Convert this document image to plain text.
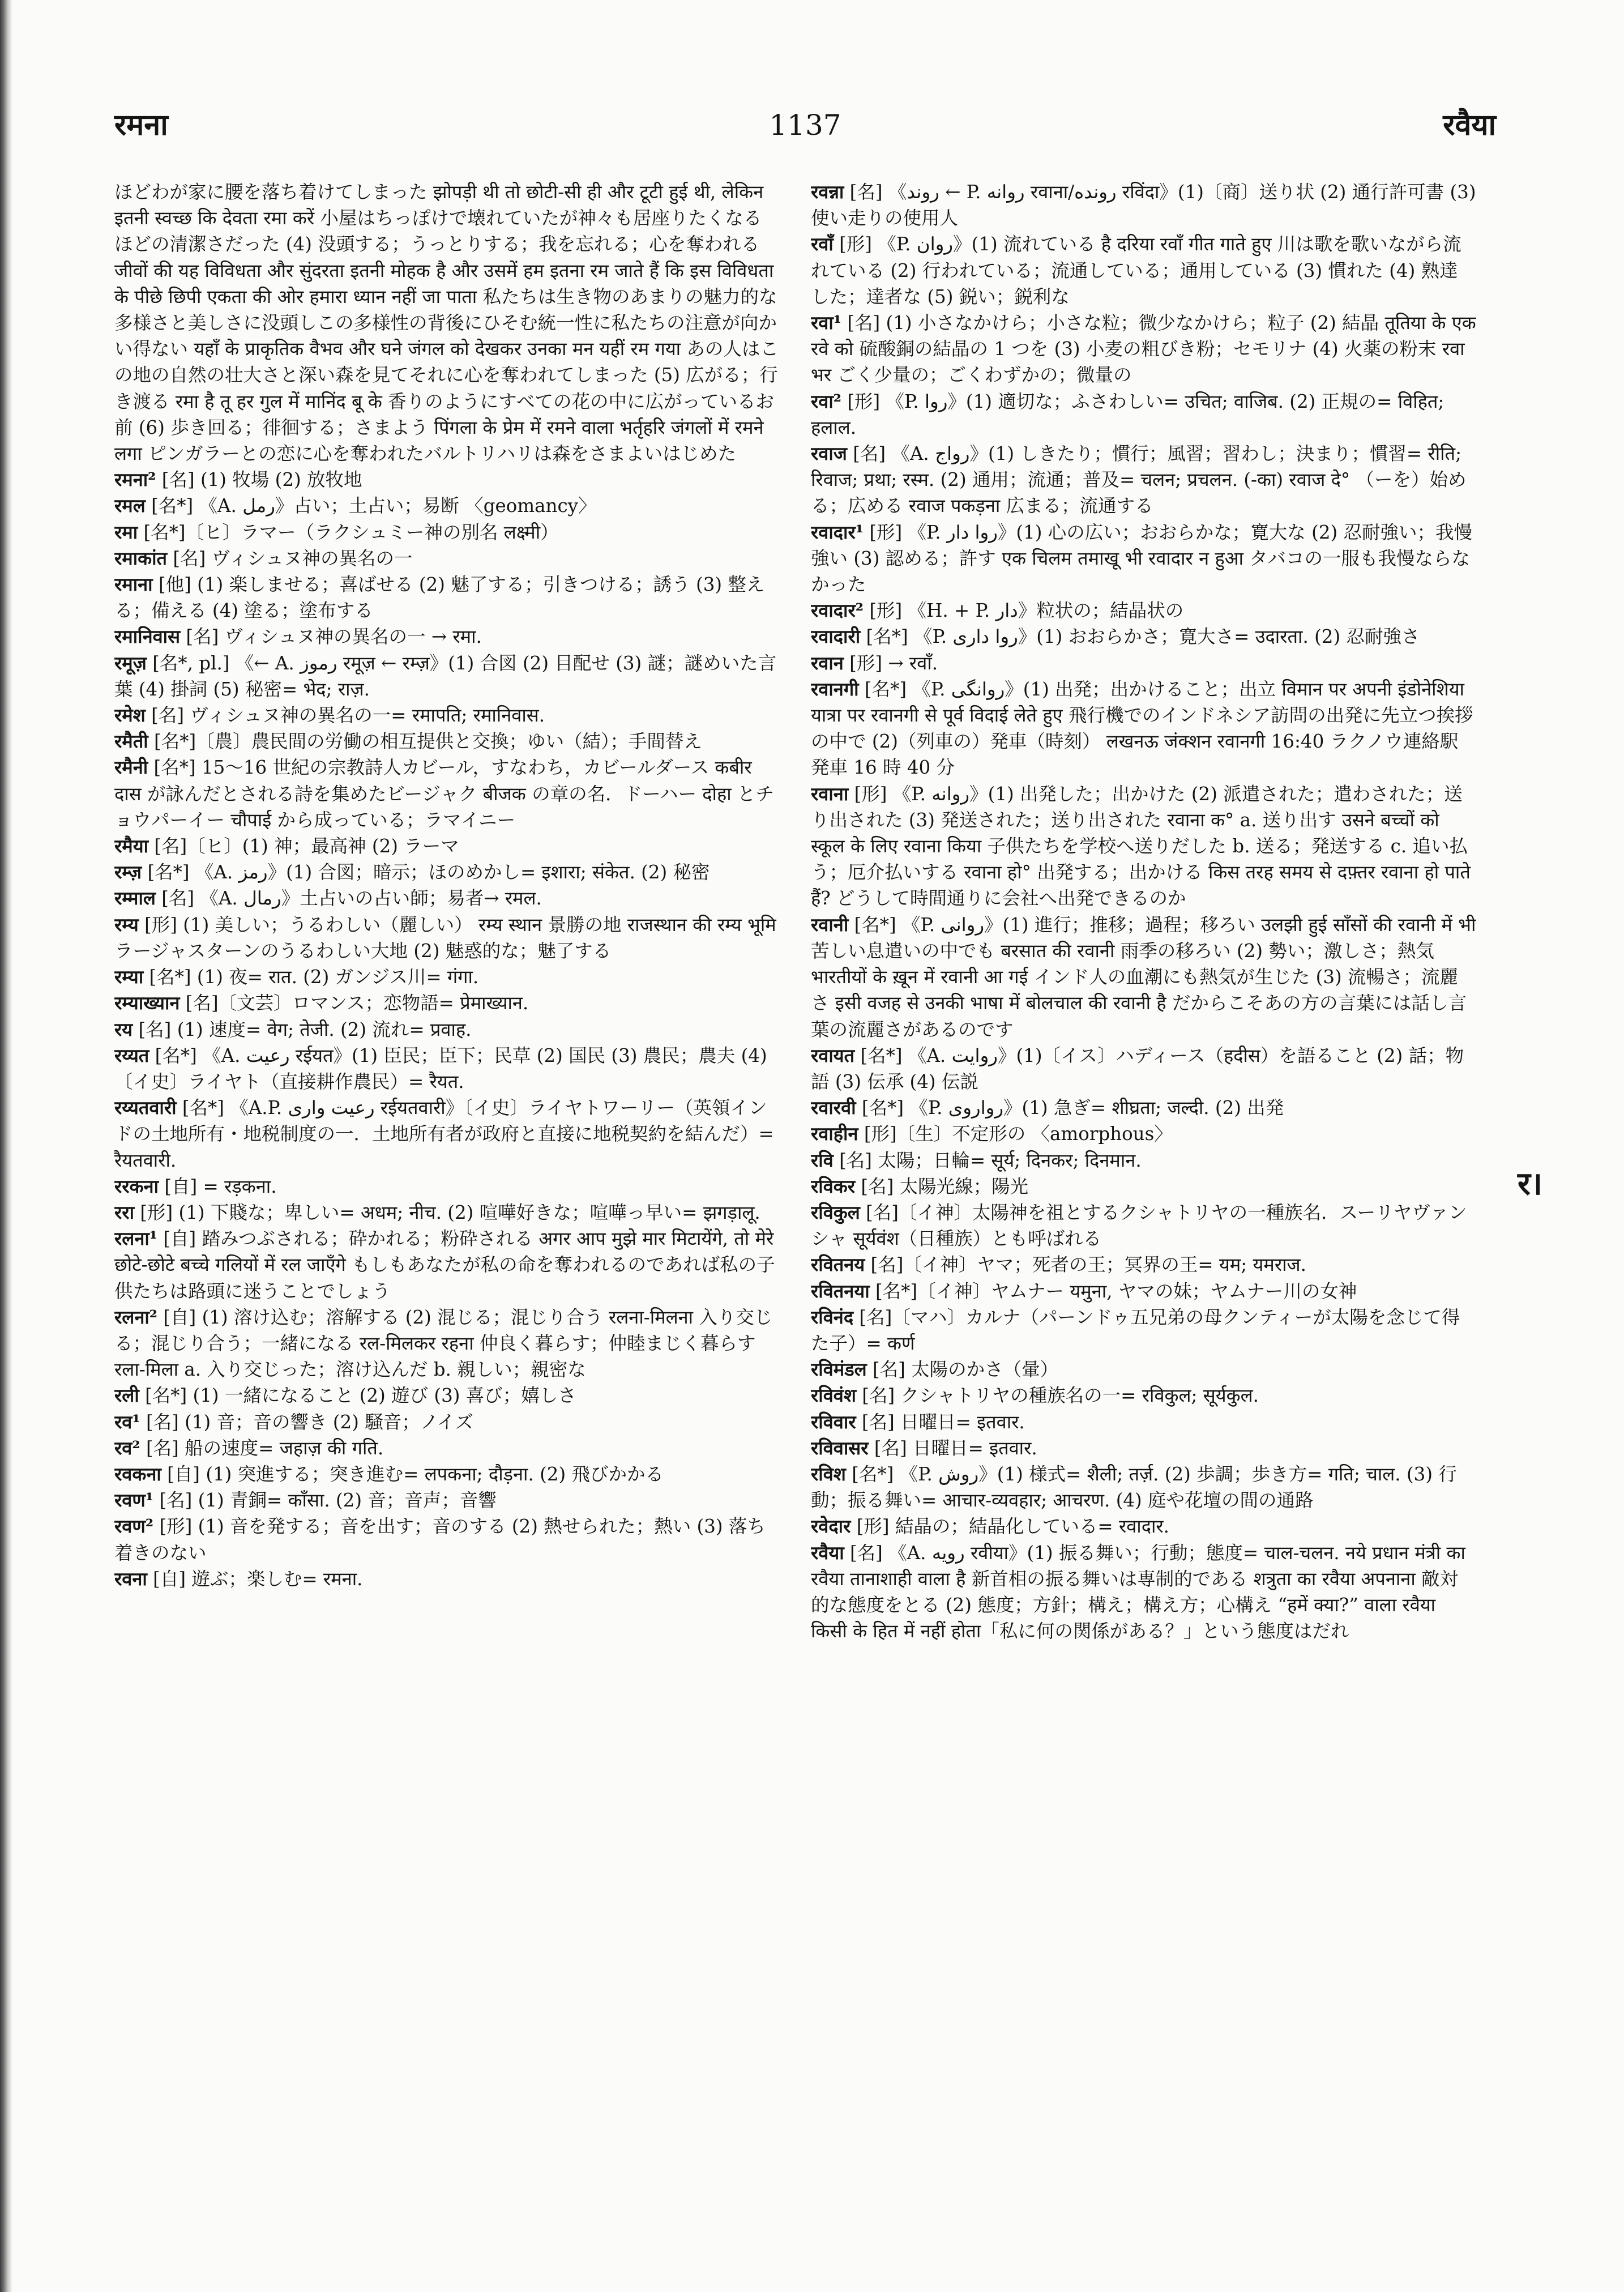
रमना	1137	रवैया

ほどわが家に腰を落ち着けてしまった झोपड़ी थी तो छोटी-सी ही और टूटी हुई थी, लेकिन इतनी स्वच्छ कि देवता रमा करें 小屋はちっぽけで壊れていたが神々も居座りたくなるほどの清潔さだった (4) 没頭する；うっとりする；我を忘れる；心を奪われる जीवों की यह विविधता और सुंदरता इतनी मोहक है और उसमें हम इतना रम जाते हैं कि इस विविधता के पीछे छिपी एकता की ओर हमारा ध्यान नहीं जा पाता 私たちは生き物のあまりの魅力的な多様さと美しさに没頭しこの多様性の背後にひそむ統一性に私たちの注意が向かい得ない यहाँ के प्राकृतिक वैभव और घने जंगल को देखकर उनका मन यहीं रम गया あの人はこの地の自然の壮大さと深い森を見てそれに心を奪われてしまった (5) 広がる；行き渡る रमा है तू हर गुल में मानिंद बू के 香りのようにすべての花の中に広がっているお前 (6) 歩き回る；徘徊する；さまよう पिंगला के प्रेम में रमने वाला भर्तृहरि जंगलों में रमने लगा ピンガラーとの恋に心を奪われたバルトリハリは森をさまよいはじめた

रमना² [名] (1) 牧場 (2) 放牧地

रमल [名*] 《A. رمل》占い；土占い；易断 〈geomancy〉

रमा [名*]〔ヒ〕ラマー（ラクシュミー神の別名 लक्ष्मी）

रमाकांत [名] ヴィシュヌ神の異名の一

रमाना [他] (1) 楽しませる；喜ばせる (2) 魅了する；引きつける；誘う (3) 整える；備える (4) 塗る；塗布する

रमानिवास [名] ヴィシュヌ神の異名の一 → रमा.

रमूज़ [名*, pl.] 《← A. رموز रमूज़ ← रम्ज़》(1) 合図 (2) 目配せ (3) 謎；謎めいた言葉 (4) 掛詞 (5) 秘密= भेद; राज़.

रमेश [名] ヴィシュヌ神の異名の一= रमापति; रमानिवास.

रमैती [名*]〔農〕農民間の労働の相互提供と交換；ゆい（結）；手間替え

रमैनी [名*] 15〜16 世紀の宗教詩人カビール，すなわち，カビールダース कबीर दास が詠んだとされる詩を集めたビージャク बीजक の章の名．ドーハー दोहा とチョウパーイー चौपाई から成っている；ラマイニー

रमैया [名]〔ヒ〕(1) 神；最高神 (2) ラーマ

रम्ज़ [名*] 《A. رمز》(1) 合図；暗示；ほのめかし= इशारा; संकेत. (2) 秘密

रम्माल [名] 《A. رمال》土占いの占い師；易者→ रमल.

रम्य [形] (1) 美しい；うるわしい（麗しい） रम्य स्थान 景勝の地 राजस्थान की रम्य भूमि ラージャスターンのうるわしい大地 (2) 魅惑的な；魅了する

रम्या [名*] (1) 夜= रात. (2) ガンジス川= गंगा.

रम्याख्यान [名]〔文芸〕ロマンス；恋物語= प्रेमाख्यान.

रय [名] (1) 速度= वेग; तेजी. (2) 流れ= प्रवाह.

रय्यत [名*] 《A. رعیت रईयत》(1) 臣民；臣下；民草 (2) 国民 (3) 農民；農夫 (4)〔イ史〕ライヤト（直接耕作農民）= रैयत.

रय्यतवारी [名*] 《A.P. رعیت واری रईयतवारी》〔イ史〕ライヤトワーリー（英領インドの土地所有・地税制度の一．土地所有者が政府と直接に地税契約を結んだ）= रैयतवारी.

ररकना [自] = रड़कना.

ररा [形] (1) 下賤な；卑しい= अधम; नीच. (2) 喧嘩好きな；喧嘩っ早い= झगड़ालू.

रलना¹ [自] 踏みつぶされる；砕かれる；粉砕される अगर आप मुझे मार मिटायेंगे, तो मेरे छोटे-छोटे बच्चे गलियों में रल जाएँगे もしもあなたが私の命を奪われるのであれば私の子供たちは路頭に迷うことでしょう

रलना² [自] (1) 溶け込む；溶解する (2) 混じる；混じり合う रलना-मिलना 入り交じる；混じり合う；一緒になる रल-मिलकर रहना 仲良く暮らす；仲睦まじく暮らす रला-मिला a. 入り交じった；溶け込んだ b. 親しい；親密な

रली [名*] (1) 一緒になること (2) 遊び (3) 喜び；嬉しさ

रव¹ [名] (1) 音；音の響き (2) 騒音；ノイズ

रव² [名] 船の速度= जहाज़ की गति.

रवकना [自] (1) 突進する；突き進む= लपकना; दौड़ना. (2) 飛びかかる

रवण¹ [名] (1) 青銅= काँसा. (2) 音；音声；音響

रवण² [形] (1) 音を発する；音を出す；音のする (2) 熱せられた；熱い (3) 落ち着きのない

रवना [自] 遊ぶ；楽しむ= रमना.

रवन्ना [名] 《روند ← P. روانه रवाना/رونده रविंदा》(1)〔商〕送り状 (2) 通行許可書 (3) 使い走りの使用人

रवाँ [形] 《P. روان》(1) 流れている है दरिया रवाँ गीत गाते हुए 川は歌を歌いながら流れている (2) 行われている；流通している；通用している (3) 慣れた (4) 熟達した；達者な (5) 鋭い；鋭利な

रवा¹ [名] (1) 小さなかけら；小さな粒；微少なかけら；粒子 (2) 結晶 तूतिया के एक रवे को 硫酸銅の結晶の 1 つを (3) 小麦の粗びき粉；セモリナ (4) 火薬の粉末 रवा भर ごく少量の；ごくわずかの；微量の

रवा² [形] 《P. روا》(1) 適切な；ふさわしい= उचित; वाजिब. (2) 正規の= विहित; हलाल.

रवाज [名] 《A. رواج》(1) しきたり；慣行；風習；習わし；決まり；慣習= रीति; रिवाज; प्रथा; रस्म. (2) 通用；流通；普及= चलन; प्रचलन. (-का) रवाज दे° （ーを）始める；広める रवाज पकड़ना 広まる；流通する

रवादार¹ [形] 《P. روا دار》(1) 心の広い；おおらかな；寛大な (2) 忍耐強い；我慢強い (3) 認める；許す एक चिलम तमाखू भी रवादार न हुआ タバコの一服も我慢ならなかった

रवादार² [形] 《H. + P. دار》粒状の；結晶状の

रवादारी [名*] 《P. روا داری》(1) おおらかさ；寛大さ= उदारता. (2) 忍耐強さ

रवान [形] → रवाँ.

रवानगी [名*] 《P. روانگی》(1) 出発；出かけること；出立 विमान पर अपनी इंडोनेशिया यात्रा पर रवानगी से पूर्व विदाई लेते हुए 飛行機でのインドネシア訪問の出発に先立つ挨拶の中で (2)（列車の）発車（時刻） लखनऊ जंक्शन रवानगी 16:40 ラクノウ連絡駅発車 16 時 40 分

रवाना [形] 《P. روانه》(1) 出発した；出かけた (2) 派遣された；遣わされた；送り出された (3) 発送された；送り出された रवाना क° a. 送り出す उसने बच्चों को स्कूल के लिए रवाना किया 子供たちを学校へ送りだした b. 送る；発送する c. 追い払う；厄介払いする रवाना हो° 出発する；出かける किस तरह समय से दफ़्तर रवाना हो पाते हैं? どうして時間通りに会社へ出発できるのか

रवानी [名*] 《P. روانی》(1) 進行；推移；過程；移ろい उलझी हुई साँसों की रवानी में भी 苦しい息遣いの中でも बरसात की रवानी 雨季の移ろい (2) 勢い；激しさ；熱気 भारतीयों के ख़ून में रवानी आ गई インド人の血潮にも熱気が生じた (3) 流暢さ；流麗さ इसी वजह से उनकी भाषा में बोलचाल की रवानी है だからこそあの方の言葉には話し言葉の流麗さがあるのです

रवायत [名*] 《A. روایت》(1)〔イス〕ハディース（हदीस）を語ること (2) 話；物語 (3) 伝承 (4) 伝説

रवारवी [名*] 《P. رواروی》(1) 急ぎ= शीघ्रता; जल्दी. (2) 出発

रवाहीन [形]〔生〕不定形の 〈amorphous〉

रवि [名] 太陽；日輪= सूर्य; दिनकर; दिनमान.

रविकर [名] 太陽光線；陽光

रविकुल [名]〔イ神〕太陽神を祖とするクシャトリヤの一種族名．スーリヤヴァンシャ सूर्यवंश（日種族）とも呼ばれる

रवितनय [名]〔イ神〕ヤマ；死者の王；冥界の王= यम; यमराज.

रवितनया [名*]〔イ神〕ヤムナー यमुना, ヤマの妹；ヤムナー川の女神

रविनंद [名]〔マハ〕カルナ（パーンドゥ五兄弟の母クンティーが太陽を念じて得た子）= कर्ण

रविमंडल [名] 太陽のかさ（暈）

रविवंश [名] クシャトリヤの種族名の一= रविकुल; सूर्यकुल.

रविवार [名] 日曜日= इतवार.

रविवासर [名] 日曜日= इतवार.

रविश [名*] 《P. روش》(1) 様式= शैली; तर्ज़. (2) 歩調；歩き方= गति; चाल. (3) 行動；振る舞い= आचार-व्यवहार; आचरण. (4) 庭や花壇の間の通路

रवेदार [形] 結晶の；結晶化している= रवादार.

रवैया [名] 《A. رویه रवीया》(1) 振る舞い；行動；態度= चाल-चलन. नये प्रधान मंत्री का रवैया तानाशाही वाला है 新首相の振る舞いは専制的である शत्रुता का रवैया अपनाना 敵対的な態度をとる (2) 態度；方針；構え；構え方；心構え “हमें क्या?” वाला रवैया किसी के हित में नहीं होता「私に何の関係がある？」という態度はだれ

र।
